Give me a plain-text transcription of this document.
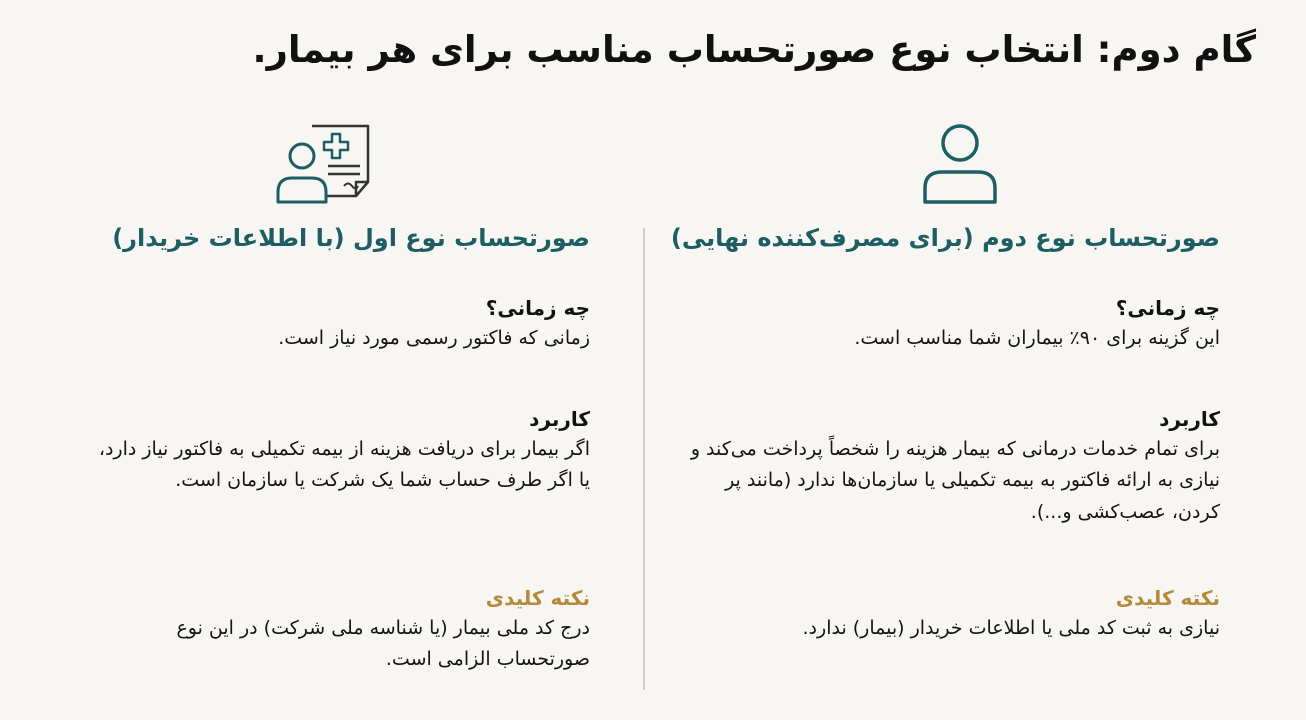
گام دوم: انتخاب نوع صورتحساب مناسب برای هر بیمار.
صورتحساب نوع دوم (برای مصرف‌کننده نهایی)
چه زمانی؟
این گزینه برای ۹۰٪ بیماران شما مناسب است.
کاربرد
برای تمام خدمات درمانی که بیمار هزینه را شخصاً پرداخت می‌کند و نیازی به ارائه فاکتور به بیمه تکمیلی یا سازمان‌ها ندارد (مانند پر کردن، عصب‌کشی و...).
نکته کلیدی
نیازی به ثبت کد ملی یا اطلاعات خریدار (بیمار) ندارد.
صورتحساب نوع اول (با اطلاعات خریدار)
چه زمانی؟
زمانی که فاکتور رسمی مورد نیاز است.
کاربرد
اگر بیمار برای دریافت هزینه از بیمه تکمیلی به فاکتور نیاز دارد، یا اگر طرف حساب شما یک شرکت یا سازمان است.
نکته کلیدی
درج کد ملی بیمار (یا شناسه ملی شرکت) در این نوع صورتحساب الزامی است.
